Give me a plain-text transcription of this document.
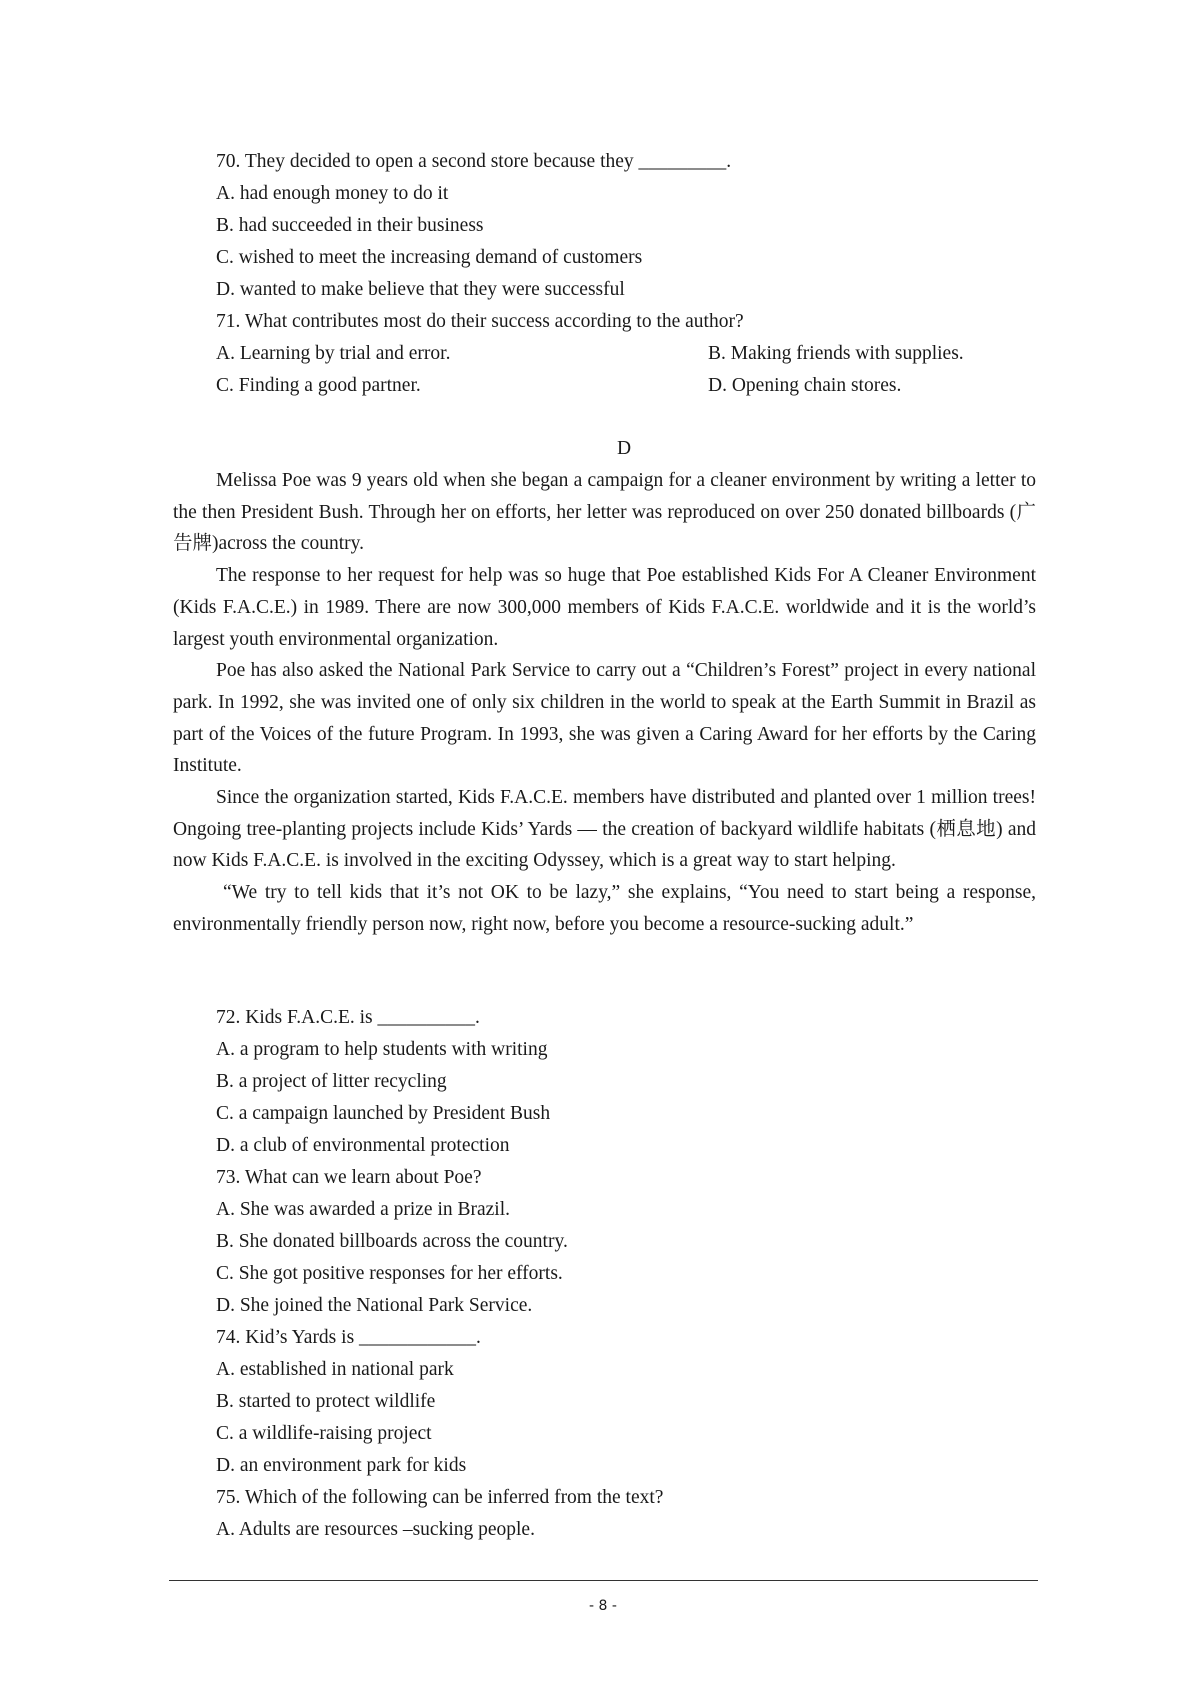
70. They decided to open a second store because they _________.
A. had enough money to do it
B. had succeeded in their business
C. wished to meet the increasing demand of customers
D. wanted to make believe that they were successful
71. What contributes most do their success according to the author?
A. Learning by trial and error.	B. Making friends with supplies.
C. Finding a good partner.	D. Opening chain stores.
D

Melissa Poe was 9 years old when she began a campaign for a cleaner environment by writing a letter to the then President Bush. Through her on efforts, her letter was reproduced on over 250 donated billboards (广告牌)across the country.

The response to her request for help was so huge that Poe established Kids For A Cleaner Environment (Kids F.A.C.E.) in 1989. There are now 300,000 members of Kids F.A.C.E. worldwide and it is the world’s largest youth environmental organization.

Poe has also asked the National Park Service to carry out a “Children’s Forest” project in every national park. In 1992, she was invited one of only six children in the world to speak at the Earth Summit in Brazil as part of the Voices of the future Program. In 1993, she was given a Caring Award for her efforts by the Caring Institute.

Since the organization started, Kids F.A.C.E. members have distributed and planted over 1 million trees! Ongoing tree-planting projects include Kids’ Yards — the creation of backyard wildlife habitats (栖息地) and now Kids F.A.C.E. is involved in the exciting Odyssey, which is a great way to start helping.

“We try to tell kids that it’s not OK to be lazy,” she explains, “You need to start being a response, environmentally friendly person now, right now, before you become a resource-sucking adult.”

72. Kids F.A.C.E. is __________.
A. a program to help students with writing
B. a project of litter recycling
C. a campaign launched by President Bush
D. a club of environmental protection
73. What can we learn about Poe?
A. She was awarded a prize in Brazil.
B. She donated billboards across the country.
C. She got positive responses for her efforts.
D. She joined the National Park Service.
74. Kid’s Yards is ____________.
A. established in national park
B. started to protect wildlife
C. a wildlife-raising project
D. an environment park for kids
75. Which of the following can be inferred from the text?
A. Adults are resources –sucking people.
- 8 -
